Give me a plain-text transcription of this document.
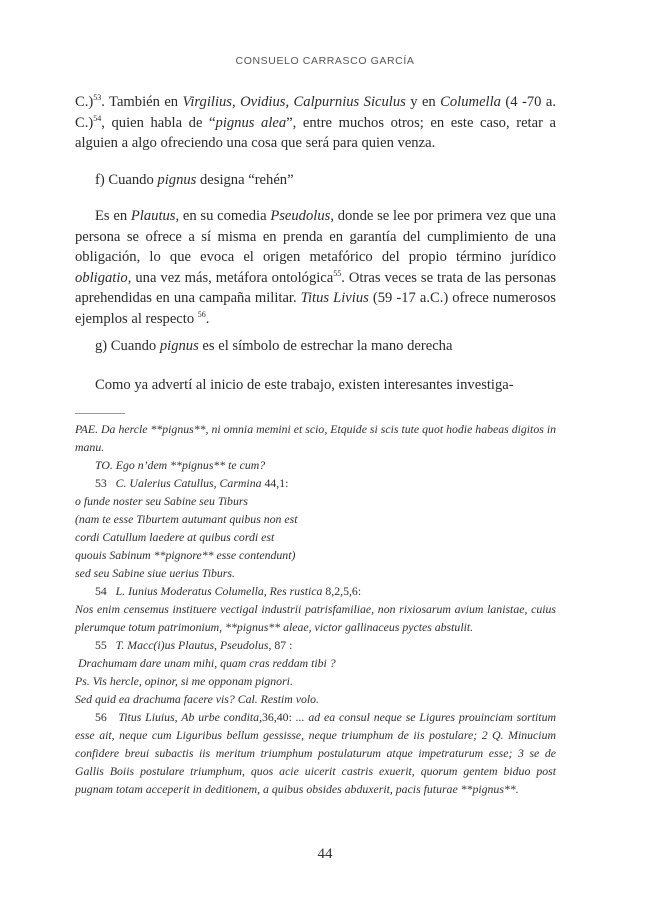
CONSUELO CARRASCO GARCÍA
C.)$^{53}$. También en Virgilius, Ovidius, Calpurnius Siculus y en Columella (4 -70 a. C.)$^{54}$, quien habla de “pignus alea”, entre muchos otros; en este caso, retar a alguien a algo ofreciendo una cosa que será para quien venza.
f) Cuando pignus designa “rehén”
Es en Plautus, en su comedia Pseudolus, donde se lee por primera vez que una persona se ofrece a sí misma en prenda en garantía del cumplimiento de una obligación, lo que evoca el origen metafórico del propio término jurídico obligatio, una vez más, metáfora ontológica$^{55}$. Otras veces se trata de las personas aprehendidas en una campaña militar. Titus Livius (59 -17 a.C.) ofrece numerosos ejemplos al respecto $^{56}$.
g) Cuando pignus es el símbolo de estrechar la mano derecha
Como ya advertí al inicio de este trabajo, existen interesantes investiga-
PAE. Da hercle **pignus**, ni omnia memini et scio, Etquide si scis tute quot hodie habeas digitos in manu.
TO. Ego n’dem **pignus** te cum?
53 C. Ualerius Catullus, Carmina 44,1:
o funde noster seu Sabine seu Tiburs
(nam te esse Tiburtem autumant quibus non est
cordi Catullum laedere at quibus cordi est
quouis Sabinum **pignore** esse contendunt)
sed seu Sabine siue uerius Tiburs.
54 L. Iunius Moderatus Columella, Res rustica 8,2,5,6:
Nos enim censemus instituere vectigal industrii patrisfamiliae, non rixiosarum avium lanistae, cuius plerumque totum patrimonium, **pignus** aleae, victor gallinaceus pyctes abstulit.
55 T. Macc(i)us Plautus, Pseudolus, 87 :
Drachumam dare unam mihi, quam cras reddam tibi ?
Ps. Vis hercle, opinor, si me opponam pignori.
Sed quid ea drachuma facere vis? Cal. Restim volo.
56 Titus Liuius, Ab urbe condita,36,40: ... ad ea consul neque se Ligures prouinciam sortitum esse ait, neque cum Liguribus bellum gessisse, neque triumphum de iis postulare; 2 Q. Minucium confidere breui subactis iis meritum triumphum postulaturum atque impetraturum esse; 3 se de Gallis Boiis postulare triumphum, quos acie uicerit castris exuerit, quorum gentem biduo post pugnam totam acceperit in deditionem, a quibus obsides abduxerit, pacis futurae **pignus**.
44
